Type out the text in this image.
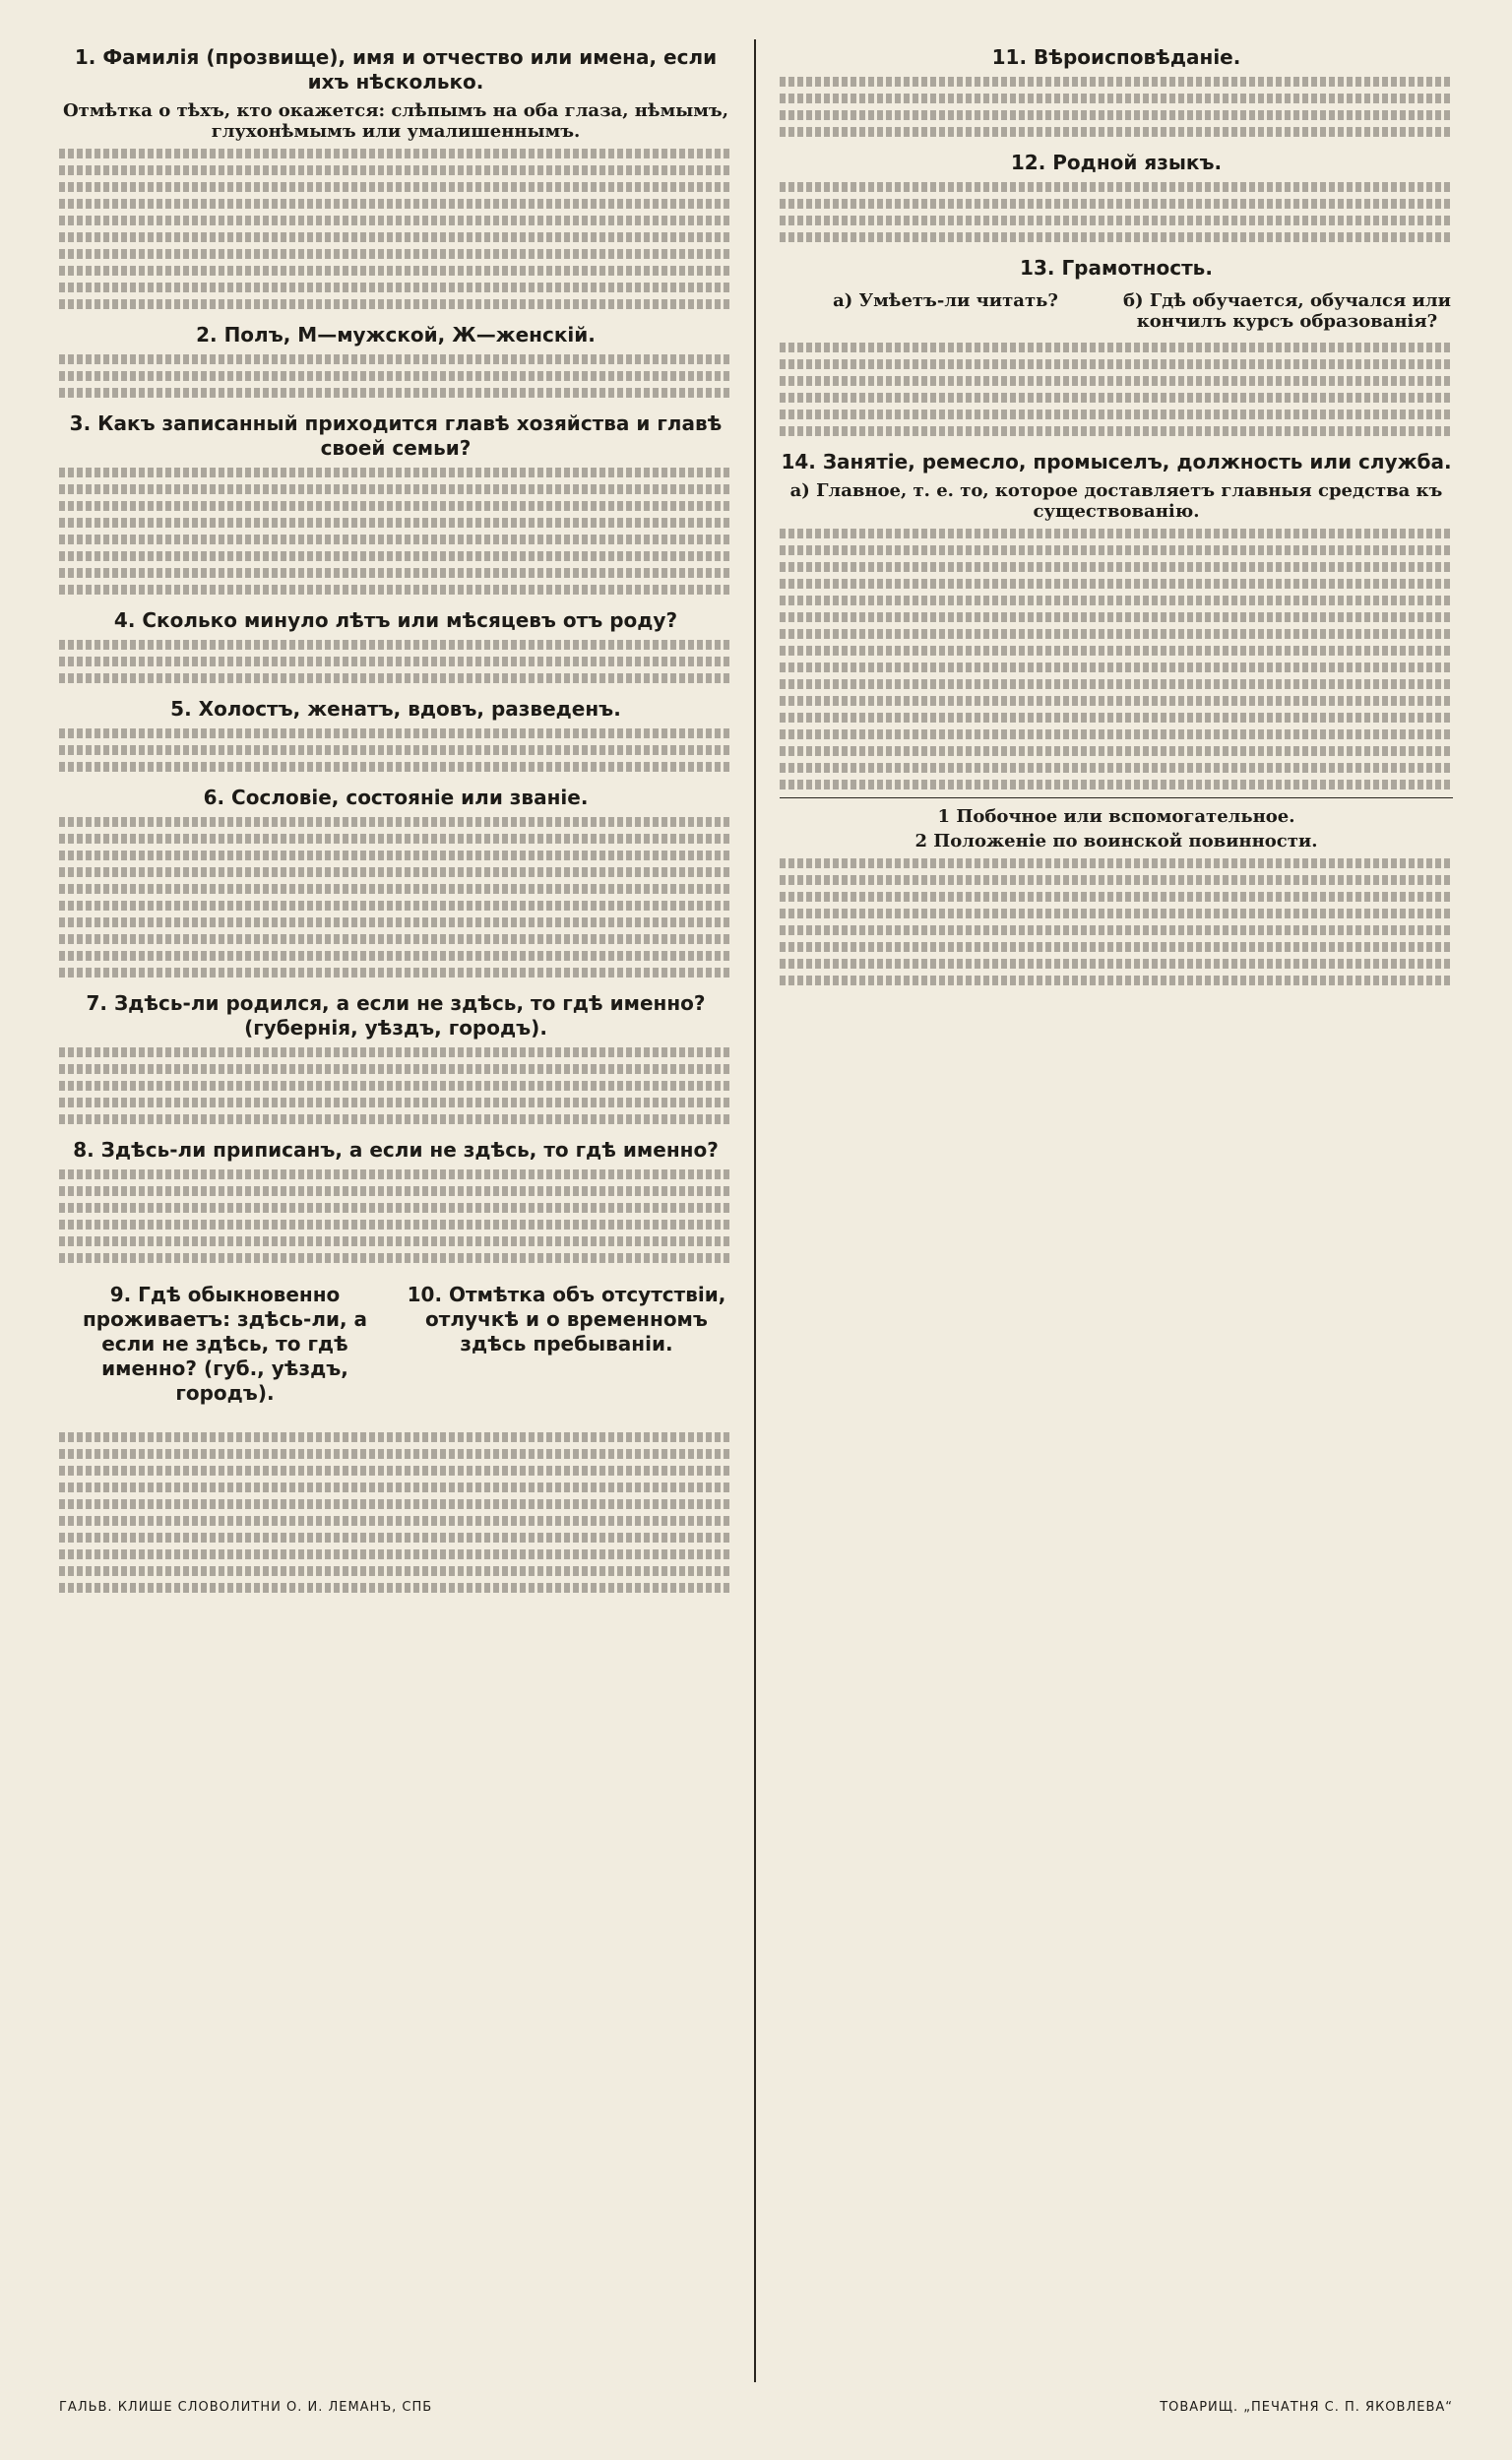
1. Фамилія (прозвище), имя и отчество или имена, если ихъ нѣсколько.
Отмѣтка о тѣхъ, кто окажется: слѣпымъ на оба глаза, нѣмымъ, глухонѣмымъ или умалишеннымъ.
2. Полъ, М—мужской, Ж—женскій.
3. Какъ записанный приходится главѣ хозяйства и главѣ своей семьи?
4. Сколько минуло лѣтъ или мѣсяцевъ отъ роду?
5. Холостъ, женатъ, вдовъ, разведенъ.
6. Сословіе, состояніе или званіе.
7. Здѣсь-ли родился, а если не здѣсь, то гдѣ именно? (губернія, уѣздъ, городъ).
8. Здѣсь-ли приписанъ, а если не здѣсь, то гдѣ именно?
9. Гдѣ обыкновенно проживаетъ: здѣсь-ли, а если не здѣсь, то гдѣ именно? (губ., уѣздъ, городъ).
10. Отмѣтка объ отсутствіи, отлучкѣ и о временномъ здѣсь пребываніи.
11. Вѣроисповѣданіе.
12. Родной языкъ.
13. Грамотность.
а) Умѣетъ-ли читать?	б) Гдѣ обучается, обучался или кончилъ курсъ образованія?
14. Занятіе, ремесло, промыселъ, должность или служба.
а) Главное, т. е. то, которое доставляетъ главныя средства къ существованію.
1 Побочное или вспомогательное.
2 Положеніе по воинской повинности.
ГАЛЬВ. КЛИШЕ СЛОВОЛИТНИ О. И. ЛЕМАНЪ, СПБ	ТОВАРИЩ. „ПЕЧАТНЯ С. П. ЯКОВЛЕВА“
